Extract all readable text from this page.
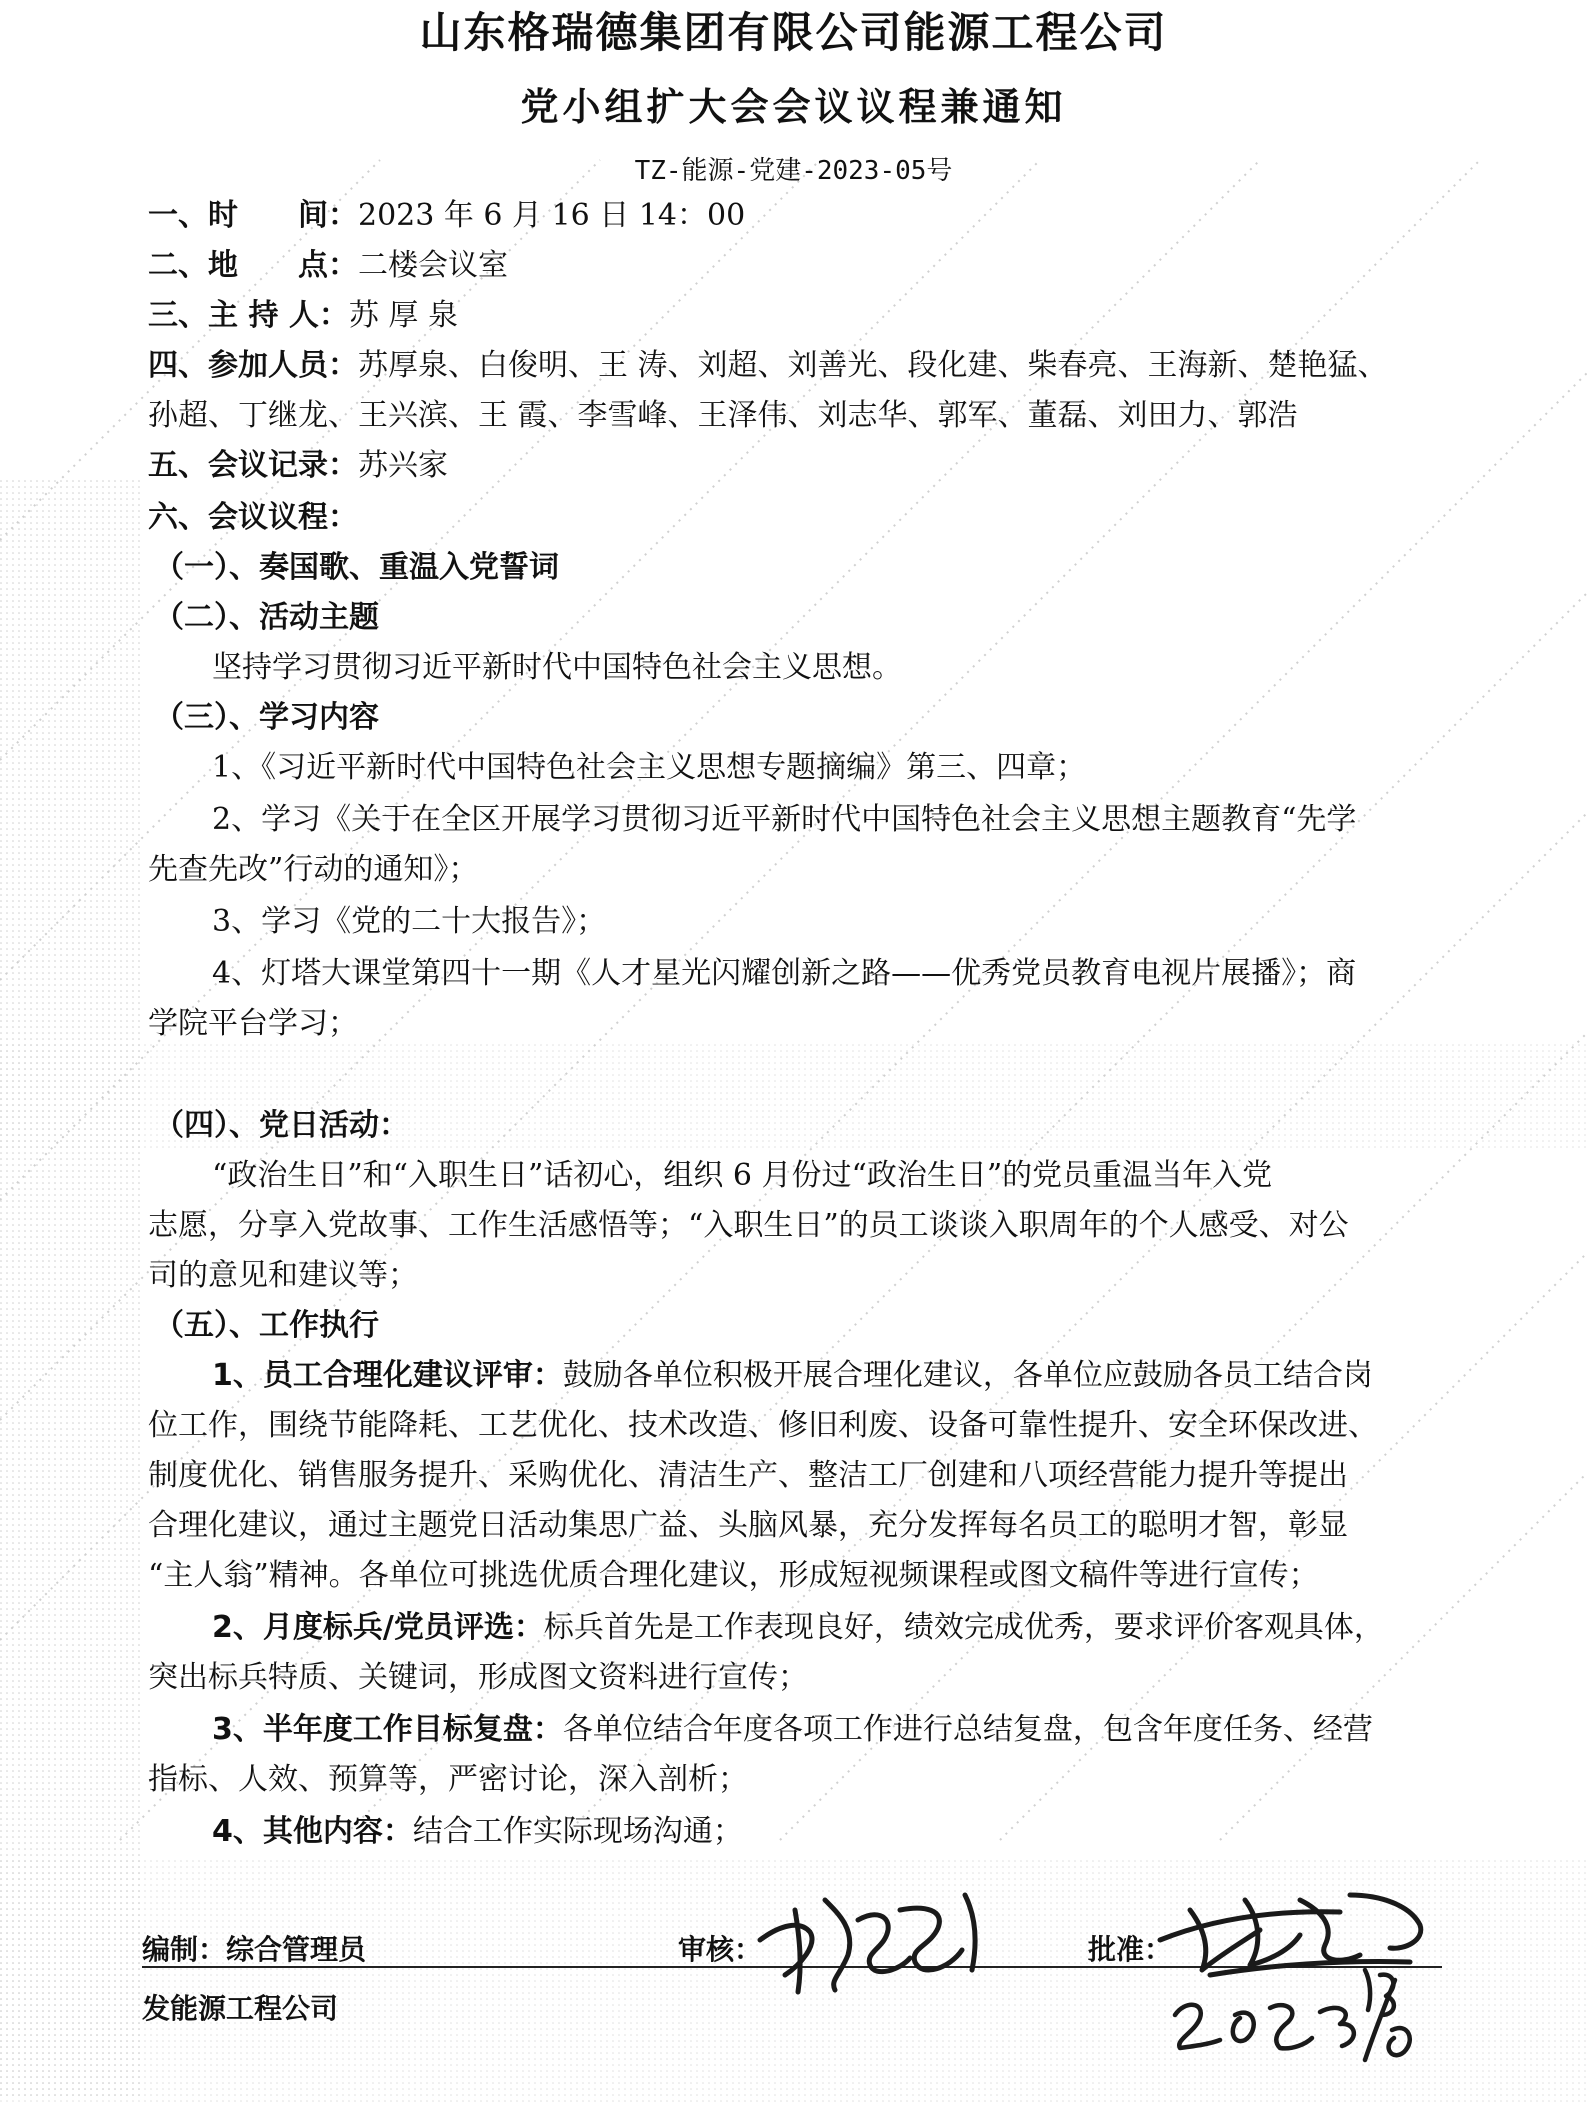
山东格瑞德集团有限公司能源工程公司
党小组扩大会会议议程兼通知
TZ-能源-党建-2023-05号
一、时　　间：2023 年 6 月 16 日 14：00
二、地　　点：二楼会议室
三、主 持 人：苏 厚 泉
四、参加人员：苏厚泉、白俊明、王 涛、刘超、刘善光、段化建、柴春亮、王海新、楚艳猛、
孙超、丁继龙、王兴滨、王 霞、李雪峰、王泽伟、刘志华、郭军、董磊、刘田力、郭浩
五、会议记录：苏兴家
六、会议议程：
（一）、奏国歌、重温入党誓词
（二）、活动主题
坚持学习贯彻习近平新时代中国特色社会主义思想。
（三）、学习内容
1、《习近平新时代中国特色社会主义思想专题摘编》第三、四章；
2、学习《关于在全区开展学习贯彻习近平新时代中国特色社会主义思想主题教育“先学
先查先改”行动的通知》；
3、学习《党的二十大报告》；
4、灯塔大课堂第四十一期《人才星光闪耀创新之路——优秀党员教育电视片展播》；商
学院平台学习；
（四）、党日活动：
“政治生日”和“入职生日”话初心，组织 6 月份过“政治生日”的党员重温当年入党
志愿，分享入党故事、工作生活感悟等；“入职生日”的员工谈谈入职周年的个人感受、对公
司的意见和建议等；
（五）、工作执行
1、员工合理化建议评审：鼓励各单位积极开展合理化建议，各单位应鼓励各员工结合岗
位工作，围绕节能降耗、工艺优化、技术改造、修旧利废、设备可靠性提升、安全环保改进、
制度优化、销售服务提升、采购优化、清洁生产、整洁工厂创建和八项经营能力提升等提出
合理化建议，通过主题党日活动集思广益、头脑风暴，充分发挥每名员工的聪明才智，彰显
“主人翁”精神。各单位可挑选优质合理化建议，形成短视频课程或图文稿件等进行宣传；
2、月度标兵/党员评选：标兵首先是工作表现良好，绩效完成优秀，要求评价客观具体，
突出标兵特质、关键词，形成图文资料进行宣传；
3、半年度工作目标复盘：各单位结合年度各项工作进行总结复盘，包含年度任务、经营
指标、人效、预算等，严密讨论，深入剖析；
4、其他内容：结合工作实际现场沟通；
编制：综合管理员	审核：	批准：
发能源工程公司
